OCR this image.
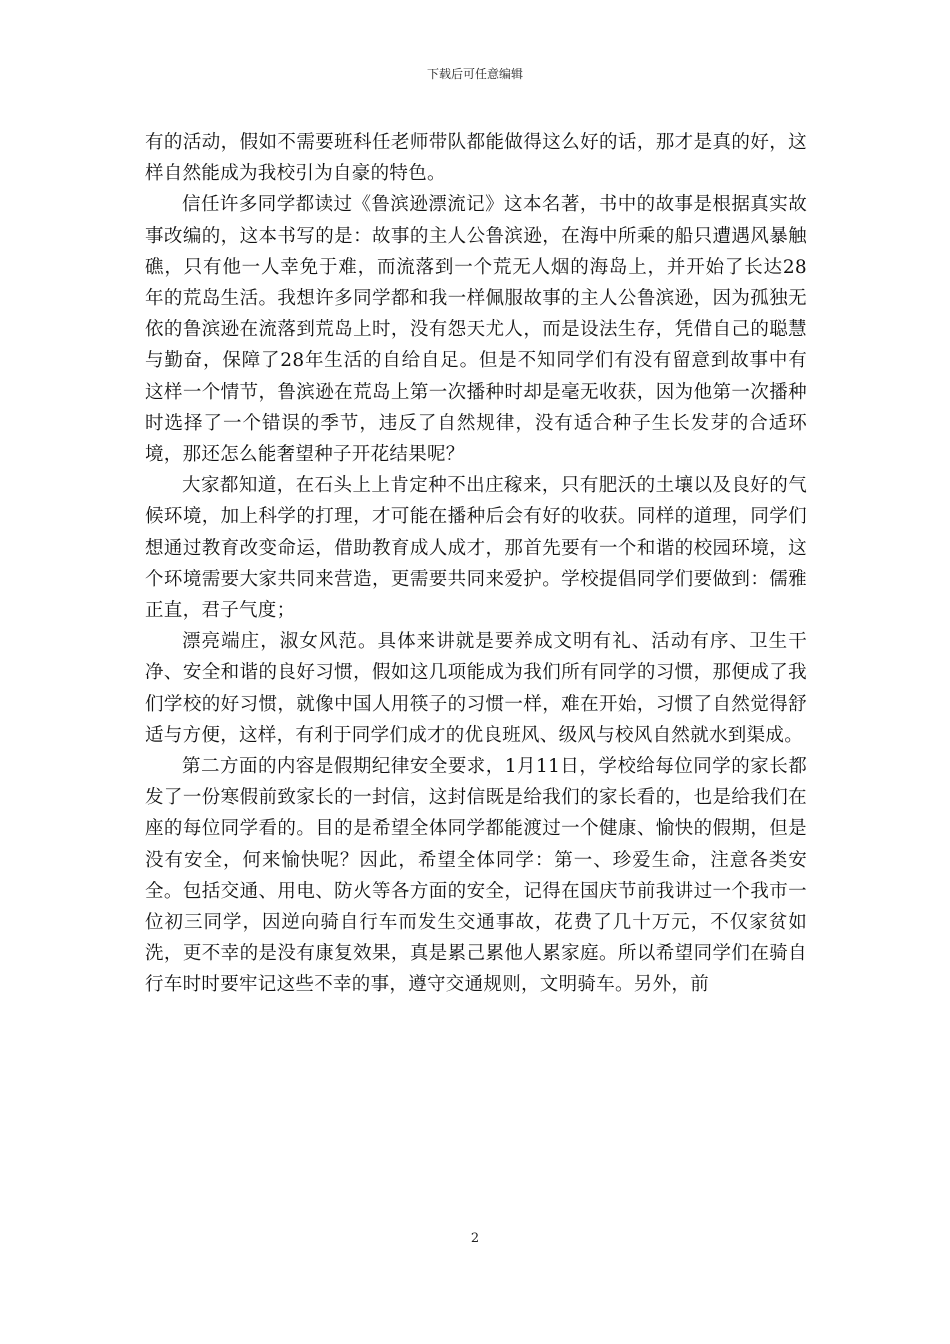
下载后可任意编辑

有的活动，假如不需要班科任老师带队都能做得这么好的话，那才是真的好，这样自然能成为我校引为自豪的特色。

信任许多同学都读过《鲁滨逊漂流记》这本名著，书中的故事是根据真实故事改编的，这本书写的是：故事的主人公鲁滨逊，在海中所乘的船只遭遇风暴触礁，只有他一人幸免于难，而流落到一个荒无人烟的海岛上，并开始了长达28年的荒岛生活。我想许多同学都和我一样佩服故事的主人公鲁滨逊，因为孤独无依的鲁滨逊在流落到荒岛上时，没有怨天尤人，而是设法生存，凭借自己的聪慧与勤奋，保障了28年生活的自给自足。但是不知同学们有没有留意到故事中有这样一个情节，鲁滨逊在荒岛上第一次播种时却是毫无收获，因为他第一次播种时选择了一个错误的季节，违反了自然规律，没有适合种子生长发芽的合适环境，那还怎么能奢望种子开花结果呢？

大家都知道，在石头上上肯定种不出庄稼来，只有肥沃的土壤以及良好的气候环境，加上科学的打理，才可能在播种后会有好的收获。同样的道理，同学们想通过教育改变命运，借助教育成人成才，那首先要有一个和谐的校园环境，这个环境需要大家共同来营造，更需要共同来爱护。学校提倡同学们要做到：儒雅正直，君子气度；

漂亮端庄，淑女风范。具体来讲就是要养成文明有礼、活动有序、卫生干净、安全和谐的良好习惯，假如这几项能成为我们所有同学的习惯，那便成了我们学校的好习惯，就像中国人用筷子的习惯一样，难在开始，习惯了自然觉得舒适与方便，这样，有利于同学们成才的优良班风、级风与校风自然就水到渠成。

第二方面的内容是假期纪律安全要求，1月11日，学校给每位同学的家长都发了一份寒假前致家长的一封信，这封信既是给我们的家长看的，也是给我们在座的每位同学看的。目的是希望全体同学都能渡过一个健康、愉快的假期，但是没有安全，何来愉快呢？因此，希望全体同学：第一、珍爱生命，注意各类安全。包括交通、用电、防火等各方面的安全，记得在国庆节前我讲过一个我市一位初三同学，因逆向骑自行车而发生交通事故，花费了几十万元，不仅家贫如洗，更不幸的是没有康复效果，真是累己累他人累家庭。所以希望同学们在骑自行车时时要牢记这些不幸的事，遵守交通规则，文明骑车。另外，前

2
